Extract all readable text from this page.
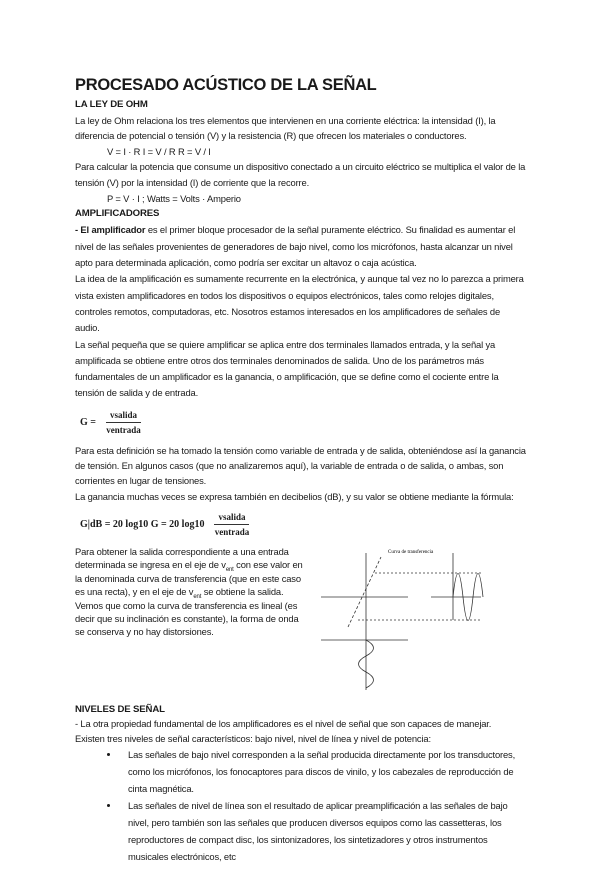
PROCESADO ACÚSTICO DE LA SEÑAL
LA LEY DE OHM
La ley de Ohm relaciona los tres elementos que intervienen en una corriente eléctrica: la intensidad (I), la diferencia de potencial o tensión (V) y la resistencia (R) que ofrecen los materiales o conductores.
V = I · R I = V / R R = V / I
Para calcular la potencia que consume un dispositivo conectado a un circuito eléctrico se multiplica el valor de la tensión (V) por la intensidad (I) de corriente que la recorre.
P = V · I ; Watts = Volts · Amperio
AMPLIFICADORES
- El amplificador es el primer bloque procesador de la señal puramente eléctrico. Su finalidad es aumentar el nivel de las señales provenientes de generadores de bajo nivel, como los micrófonos, hasta alcanzar un nivel apto para determinada aplicación, como podría ser excitar un altavoz o caja acústica.
La idea de la amplificación es sumamente recurrente en la electrónica, y aunque tal vez no lo parezca a primera vista existen amplificadores en todos los dispositivos o equipos electrónicos, tales como relojes digitales, controles remotos, computadoras, etc. Nosotros estamos interesados en los amplificadores de señales de audio.
La señal pequeña que se quiere amplificar se aplica entre dos terminales llamados entrada, y la señal ya amplificada se obtiene entre otros dos terminales denominados de salida. Uno de los parámetros más fundamentales de un amplificador es la ganancia, o amplificación, que se define como el cociente entre la tensión de salida y de entrada.
$G = \frac{\text{vsalida}}{\text{ventrada}}$
Para esta definición se ha tomado la tensión como variable de entrada y de salida, obteniéndose así la ganancia de tensión. En algunos casos (que no analizaremos aquí), la variable de entrada o de salida, o ambas, son corrientes en lugar de tensiones.
La ganancia muchas veces se expresa también en decibelios (dB), y su valor se obtiene mediante la fórmula:
G|dB = 20 log10 G = 20 $\log 10 \frac{\text{vsalida}}{\text{ventrada}}$
Para obtener la salida correspondiente a una entrada determinada se ingresa en el eje de $v_{ent}$ con ese valor en la denominada curva de transferencia (que en este caso es una recta), y en el eje de $v_{ent}$ se obtiene la salida. Vemos que como la curva de transferencia es lineal (es decir que su inclinación es constante), la forma de onda se conserva y no hay distorsiones.
Curva de transferencia
NIVELES DE SEÑAL
- La otra propiedad fundamental de los amplificadores es el nivel de señal que son capaces de manejar.
Existen tres niveles de señal característicos: bajo nivel, nivel de línea y nivel de potencia:
• Las señales de bajo nivel corresponden a la señal producida directamente por los transductores, como los micrófonos, los fonocaptores para discos de vinilo, y los cabezales de reproducción de cinta magnética.
• Las señales de nivel de línea son el resultado de aplicar preamplificación a las señales de bajo nivel, pero también son las señales que producen diversos equipos como las cassetteras, los reproductores de compact disc, los sintonizadores, los sintetizadores y otros instrumentos musicales electrónicos, etc
